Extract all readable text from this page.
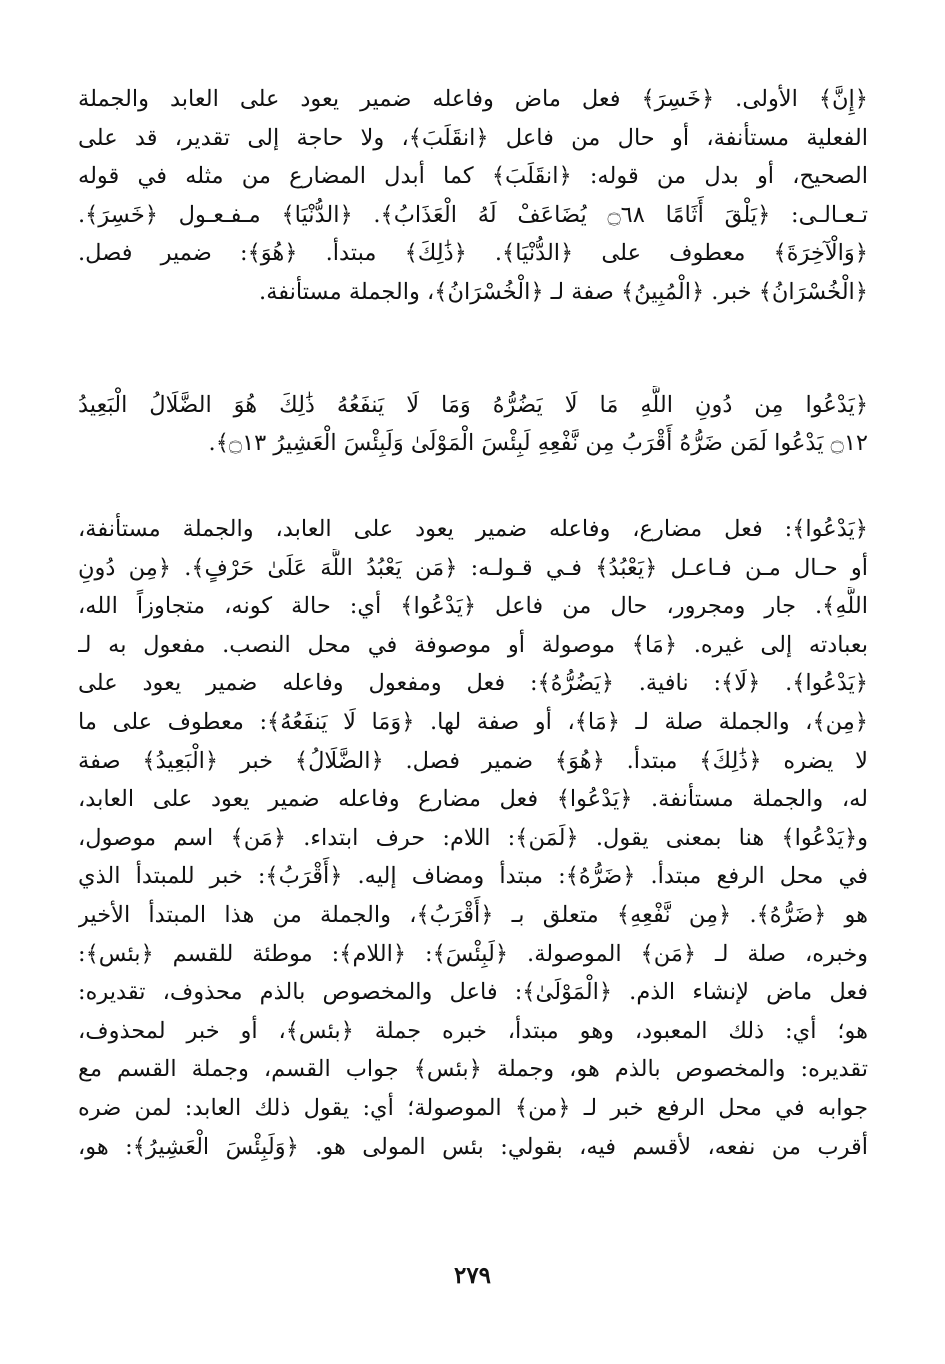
﴿إِنَّ﴾ الأولى. ﴿خَسِرَ﴾ فعل ماض وفاعله ضمير يعود على العابد والجملة
الفعلية مستأنفة، أو حال من فاعل ﴿انقَلَبَ﴾، ولا حاجة إلى تقدير، قد على
الصحيح، أو بدل من قوله: ﴿انقَلَبَ﴾ كما أبدل المضارع من مثله في قوله
تـعـالـى: ﴿يَلْقَ أَثَامًا ۝٦٨ يُضَاعَفْ لَهُ الْعَذَابُ﴾. ﴿الدُّنْيَا﴾ مـفـعـول ﴿خَسِرَ﴾.
﴿وَالْآخِرَةَ﴾ معطوف على ﴿الدُّنْيَا﴾. ﴿ذَٰلِكَ﴾ مبتدأ. ﴿هُوَ﴾: ضمير فصل.
﴿الْخُسْرَانُ﴾ خبر. ﴿الْمُبِينُ﴾ صفة لـ ﴿الْخُسْرَانُ﴾، والجملة مستأنفة.
﴿يَدْعُوا مِن دُونِ اللَّهِ مَا لَا يَضُرُّهُ وَمَا لَا يَنفَعُهُ ذَٰلِكَ هُوَ الضَّلَالُ الْبَعِيدُ
۝١٢ يَدْعُوا لَمَن ضَرُّهُ أَقْرَبُ مِن نَّفْعِهِ لَبِئْسَ الْمَوْلَىٰ وَلَبِئْسَ الْعَشِيرُ ۝١٣﴾.
﴿يَدْعُوا﴾: فعل مضارع، وفاعله ضمير يعود على العابد، والجملة مستأنفة،
أو حـال مـن فـاعـل ﴿يَعْبُدُ﴾ فـي قـولـه: ﴿مَن يَعْبُدُ اللَّهَ عَلَىٰ حَرْفٍ﴾. ﴿مِن دُونِ
اللَّهِ﴾. جار ومجرور، حال من فاعل ﴿يَدْعُوا﴾ أي: حالة كونه، متجاوزاً الله،
بعبادته إلى غيره. ﴿مَا﴾ موصولة أو موصوفة في محل النصب. مفعول به لـ
﴿يَدْعُوا﴾. ﴿لَا﴾: نافية. ﴿يَضُرُّهُ﴾: فعل ومفعول وفاعله ضمير يعود على
﴿مِن﴾، والجملة صلة لـ ﴿مَا﴾، أو صفة لها. ﴿وَمَا لَا يَنفَعُهُ﴾: معطوف على ما
لا يضره ﴿ذَٰلِكَ﴾ مبتدأ. ﴿هُوَ﴾ ضمير فصل. ﴿الضَّلَالُ﴾ خبر ﴿الْبَعِيدُ﴾ صفة
له، والجملة مستأنفة. ﴿يَدْعُوا﴾ فعل مضارع وفاعله ضمير يعود على العابد،
و﴿يَدْعُوا﴾ هنا بمعنى يقول. ﴿لَمَن﴾: اللام: حرف ابتداء. ﴿مَن﴾ اسم موصول،
في محل الرفع مبتدأ. ﴿ضَرُّهُ﴾: مبتدأ ومضاف إليه. ﴿أَقْرَبُ﴾: خبر للمبتدأ الذي
هو ﴿ضَرُّهُ﴾. ﴿مِن نَّفْعِهِ﴾ متعلق بـ ﴿أَقْرَبُ﴾، والجملة من هذا المبتدأ الأخير
وخبره، صلة لـ ﴿مَن﴾ الموصولة. ﴿لَبِئْسَ﴾: ﴿اللام﴾: موطئة للقسم ﴿بئس﴾:
فعل ماض لإنشاء الذم. ﴿الْمَوْلَىٰ﴾: فاعل والمخصوص بالذم محذوف، تقديره:
هو؛ أي: ذلك المعبود، وهو مبتدأ، خبره جملة ﴿بئس﴾، أو خبر لمحذوف،
تقديره: والمخصوص بالذم هو، وجملة ﴿بئس﴾ جواب القسم، وجملة القسم مع
جوابه في محل الرفع خبر لـ ﴿من﴾ الموصولة؛ أي: يقول ذلك العابد: لمن ضره
أقرب من نفعه، لأقسم فيه، بقولي: بئس المولى هو. ﴿وَلَبِئْسَ الْعَشِيرُ﴾: هو،
٢٧٩
